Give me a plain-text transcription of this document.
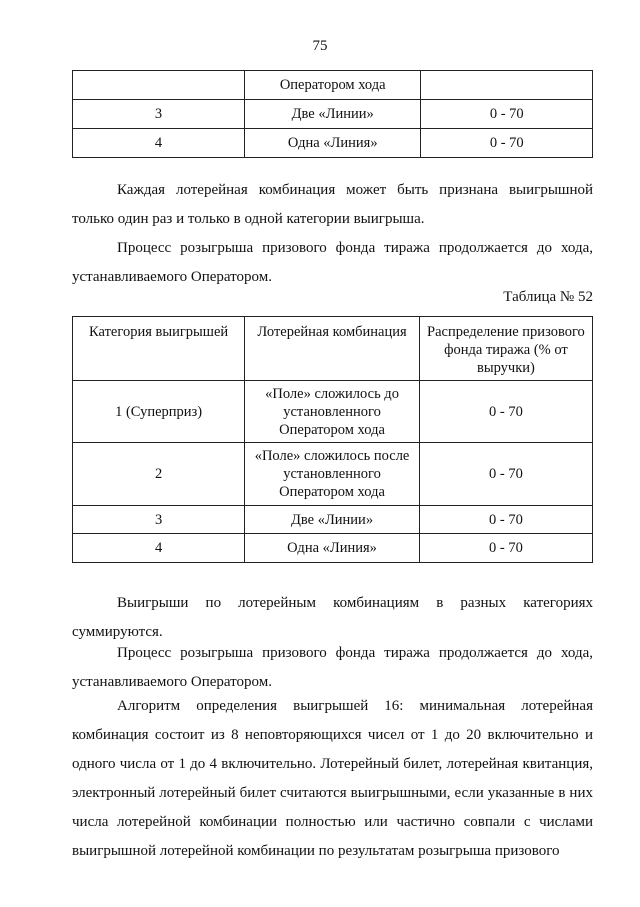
75
	Оператором хода	
3	Две «Линии»	0 - 70
4	Одна «Линия»	0 - 70

Каждая лотерейная комбинация может быть признана выигрышной только один раз и только в одной категории выигрыша.

Процесс розыгрыша призового фонда тиража продолжается до хода, устанавливаемого Оператором.

Таблица № 52
Категория выигрышей	Лотерейная комбинация	Распределение призового фонда тиража (% от выручки)
1 (Суперприз)	«Поле» сложилось до установленного Оператором хода	0 - 70
2	«Поле» сложилось после установленного Оператором хода	0 - 70
3	Две «Линии»	0 - 70
4	Одна «Линия»	0 - 70

Выигрыши по лотерейным комбинациям в разных категориях суммируются.

Процесс розыгрыша призового фонда тиража продолжается до хода, устанавливаемого Оператором.

Алгоритм определения выигрышей 16: минимальная лотерейная комбинация состоит из 8 неповторяющихся чисел от 1 до 20 включительно и одного числа от 1 до 4 включительно. Лотерейный билет, лотерейная квитанция, электронный лотерейный билет считаются выигрышными, если указанные в них числа лотерейной комбинации полностью или частично совпали с числами выигрышной лотерейной комбинации по результатам розыгрыша призового
